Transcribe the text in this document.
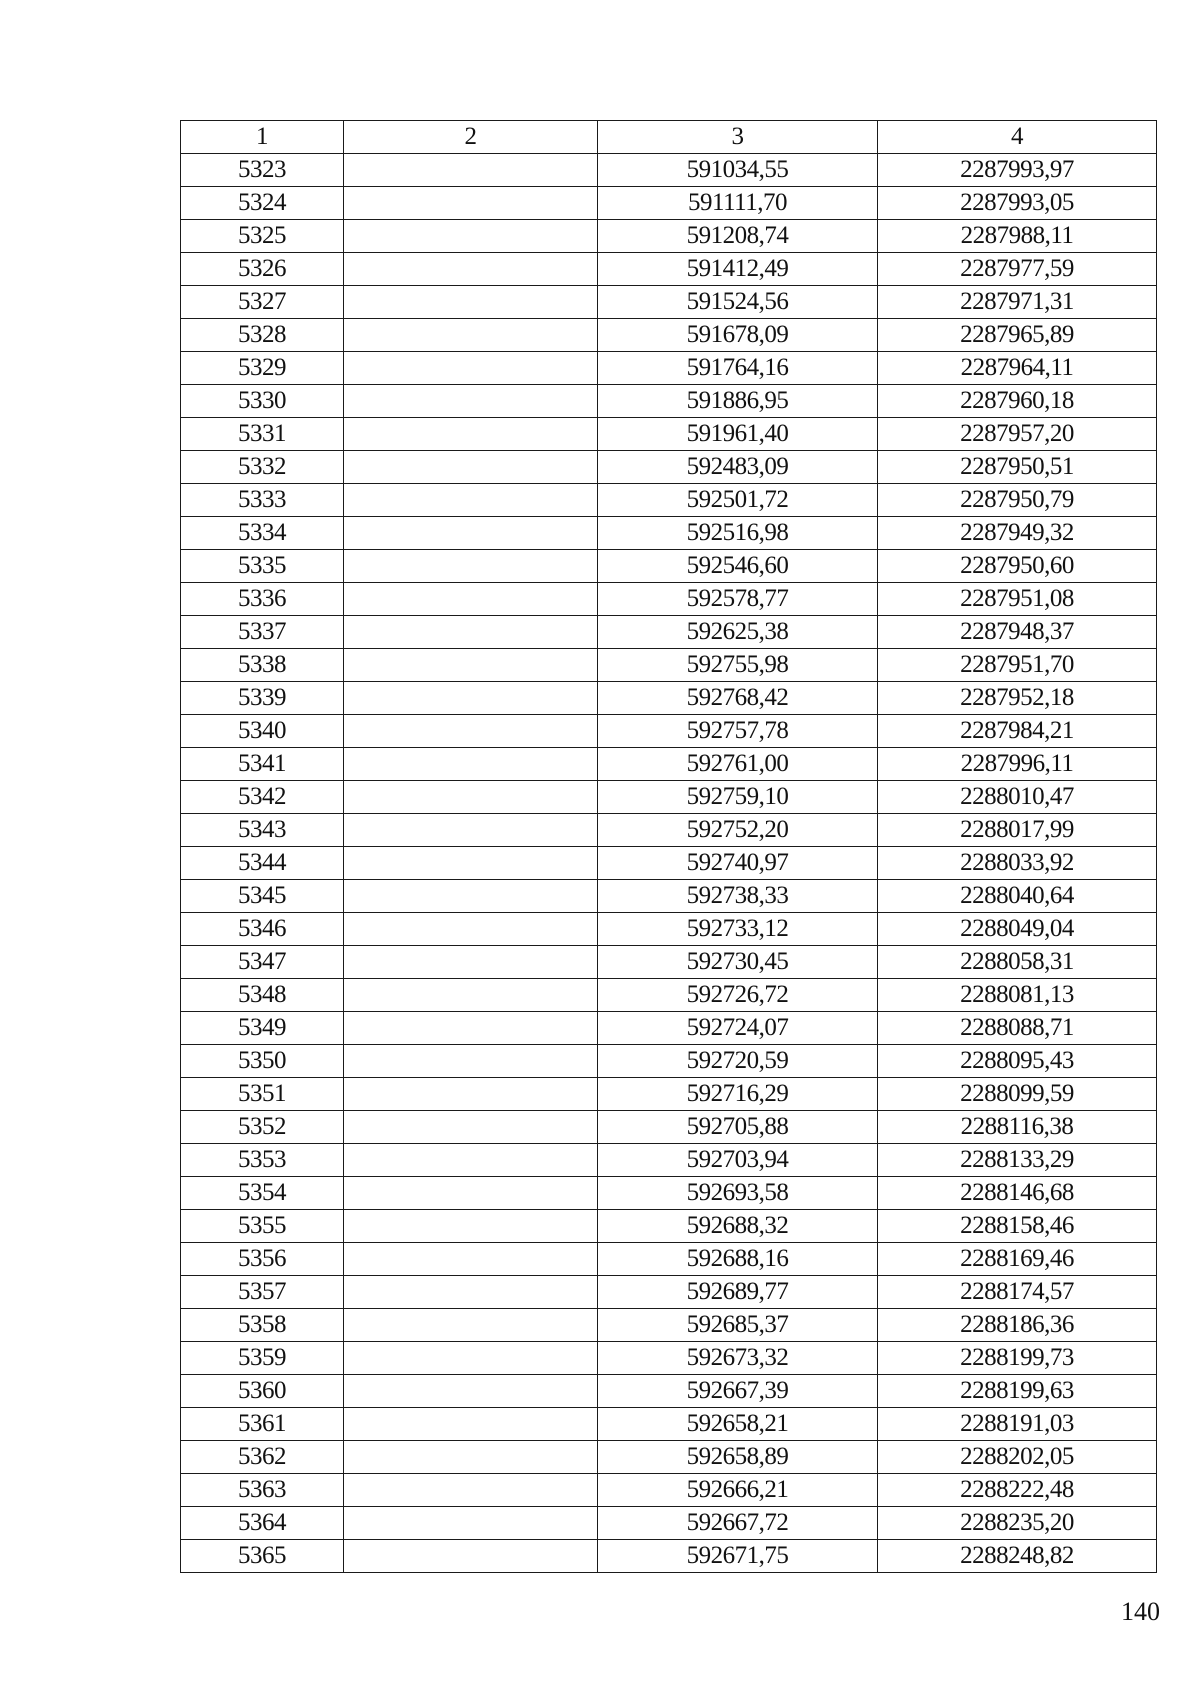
1	2	3	4
5323		591034,55	2287993,97
5324		591111,70	2287993,05
5325		591208,74	2287988,11
5326		591412,49	2287977,59
5327		591524,56	2287971,31
5328		591678,09	2287965,89
5329		591764,16	2287964,11
5330		591886,95	2287960,18
5331		591961,40	2287957,20
5332		592483,09	2287950,51
5333		592501,72	2287950,79
5334		592516,98	2287949,32
5335		592546,60	2287950,60
5336		592578,77	2287951,08
5337		592625,38	2287948,37
5338		592755,98	2287951,70
5339		592768,42	2287952,18
5340		592757,78	2287984,21
5341		592761,00	2287996,11
5342		592759,10	2288010,47
5343		592752,20	2288017,99
5344		592740,97	2288033,92
5345		592738,33	2288040,64
5346		592733,12	2288049,04
5347		592730,45	2288058,31
5348		592726,72	2288081,13
5349		592724,07	2288088,71
5350		592720,59	2288095,43
5351		592716,29	2288099,59
5352		592705,88	2288116,38
5353		592703,94	2288133,29
5354		592693,58	2288146,68
5355		592688,32	2288158,46
5356		592688,16	2288169,46
5357		592689,77	2288174,57
5358		592685,37	2288186,36
5359		592673,32	2288199,73
5360		592667,39	2288199,63
5361		592658,21	2288191,03
5362		592658,89	2288202,05
5363		592666,21	2288222,48
5364		592667,72	2288235,20
5365		592671,75	2288248,82
140
